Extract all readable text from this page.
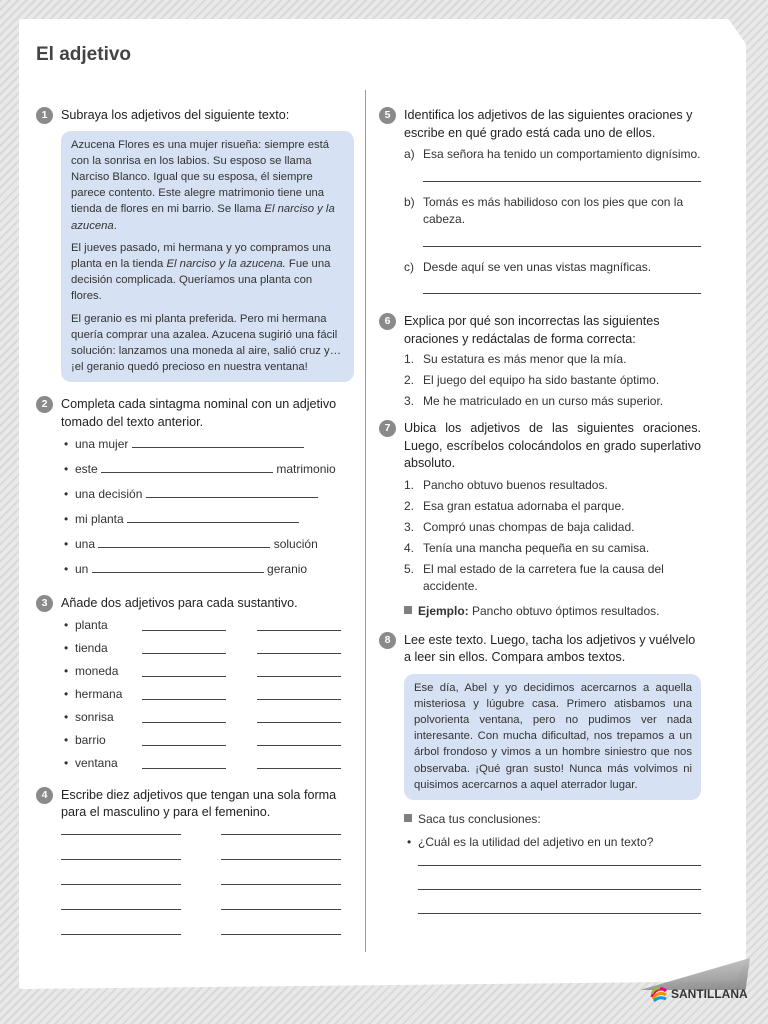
El adjetivo
1	Subraya los adjetivos del siguiente texto:

Azucena Flores es una mujer risueña: siempre está con la sonrisa en los labios. Su esposo se llama Narciso Blanco. Igual que su esposa, él siempre parece contento. Este alegre matrimonio tiene una tienda de flores en mi barrio. Se llama El narciso y la azucena.

El jueves pasado, mi hermana y yo compramos una planta en la tienda El narciso y la azucena. Fue una decisión complicada. Queríamos una planta con flores.

El geranio es mi planta preferida. Pero mi hermana quería comprar una azalea. Azucena sugirió una fácil solución: lanzamos una moneda al aire, salió cruz y… ¡el geranio quedó precioso en nuestra ventana!

2	Completa cada sintagma nominal con un adjetivo tomado del texto anterior.
• una mujer
• este	matrimonio
• una decisión
• mi planta
• una	solución
• un	geranio
3	Añade dos adjetivos para cada sustantivo.
• planta
• tienda
• moneda
• hermana
• sonrisa
• barrio
• ventana
4	Escribe diez adjetivos que tengan una sola forma para el masculino y para el femenino.
5	Identifica los adjetivos de las siguientes oraciones y escribe en qué grado está cada uno de ellos.
a) Esa señora ha tenido un comportamiento dignísimo.
b) Tomás es más habilidoso con los pies que con la cabeza.
c) Desde aquí se ven unas vistas magníficas.
6	Explica por qué son incorrectas las siguientes oraciones y redáctalas de forma correcta:
1. Su estatura es más menor que la mía.
2. El juego del equipo ha sido bastante óptimo.
3. Me he matriculado en un curso más superior.
7	Ubica los adjetivos de las siguientes oraciones. Luego, escríbelos colocándolos en grado superlativo absoluto.
1. Pancho obtuvo buenos resultados.
2. Esa gran estatua adornaba el parque.
3. Compró unas chompas de baja calidad.
4. Tenía una mancha pequeña en su camisa.
5. El mal estado de la carretera fue la causa del accidente.
Ejemplo: Pancho obtuvo óptimos resultados.
8	Lee este texto. Luego, tacha los adjetivos y vuélvelo a leer sin ellos. Compara ambos textos.

Ese día, Abel y yo decidimos acercarnos a aquella misteriosa y lúgubre casa. Primero atisbamos una polvorienta ventana, pero no pudimos ver nada interesante. Con mucha dificultad, nos trepamos a un árbol frondoso y vimos a un hombre siniestro que nos observaba. ¡Qué gran susto! Nunca más volvimos ni quisimos acercarnos a aquel aterrador lugar.

Saca tus conclusiones:
• ¿Cuál es la utilidad del adjetivo en un texto?
SANTILLANA
